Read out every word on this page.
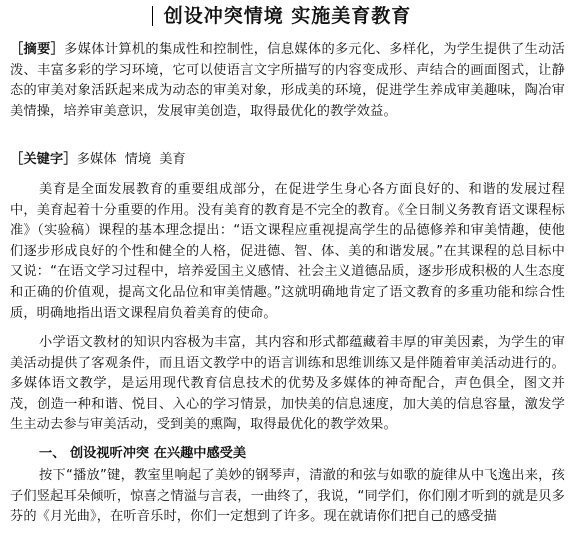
创设冲突情境 实施美育教育
［摘要］多媒体计算机的集成性和控制性，信息媒体的多元化、多样化，为学生提供了生动活泼、丰富多彩的学习环境，它可以使语言文字所描写的内容变成形、声结合的画面图式，让静态的审美对象活跃起来成为动态的审美对象，形成美的环境，促进学生养成审美趣味，陶冶审美情操，培养审美意识，发展审美创造，取得最优化的教学效益。
［关键字］多媒体 情境 美育
美育是全面发展教育的重要组成部分，在促进学生身心各方面良好的、和谐的发展过程中，美育起着十分重要的作用。没有美育的教育是不完全的教育。《全日制义务教育语文课程标准》（实验稿）课程的基本理念提出：“语文课程应重视提高学生的品德修养和审美情趣，使他们逐步形成良好的个性和健全的人格，促进德、智、体、美的和谐发展。”在其课程的总目标中又说：“在语文学习过程中，培养爱国主义感情、社会主义道德品质，逐步形成积极的人生态度和正确的价值观，提高文化品位和审美情趣。”这就明确地肯定了语文教育的多重功能和综合性质，明确地指出语文课程肩负着美育的使命。
小学语文教材的知识内容极为丰富，其内容和形式都蕴藏着丰厚的审美因素，为学生的审美活动提供了客观条件，而且语文教学中的语言训练和思维训练又是伴随着审美活动进行的。多媒体语文教学，是运用现代教育信息技术的优势及多媒体的神奇配合，声色俱全，图文并茂，创造一种和谐、悦目、入心的学习情景，加快美的信息速度，加大美的信息容量，激发学生主动去参与审美活动，受到美的熏陶，取得最优化的教学效果。
一、 创设视听冲突 在兴趣中感受美
按下“播放”键，教室里响起了美妙的钢琴声，清澈的和弦与如歌的旋律从中飞逸出来，孩子们竖起耳朵倾听，惊喜之情溢与言表，一曲终了，我说，“同学们，你们刚才听到的就是贝多芬的《月光曲》，在听音乐时，你们一定想到了许多。现在就请你们把自己的感受描
